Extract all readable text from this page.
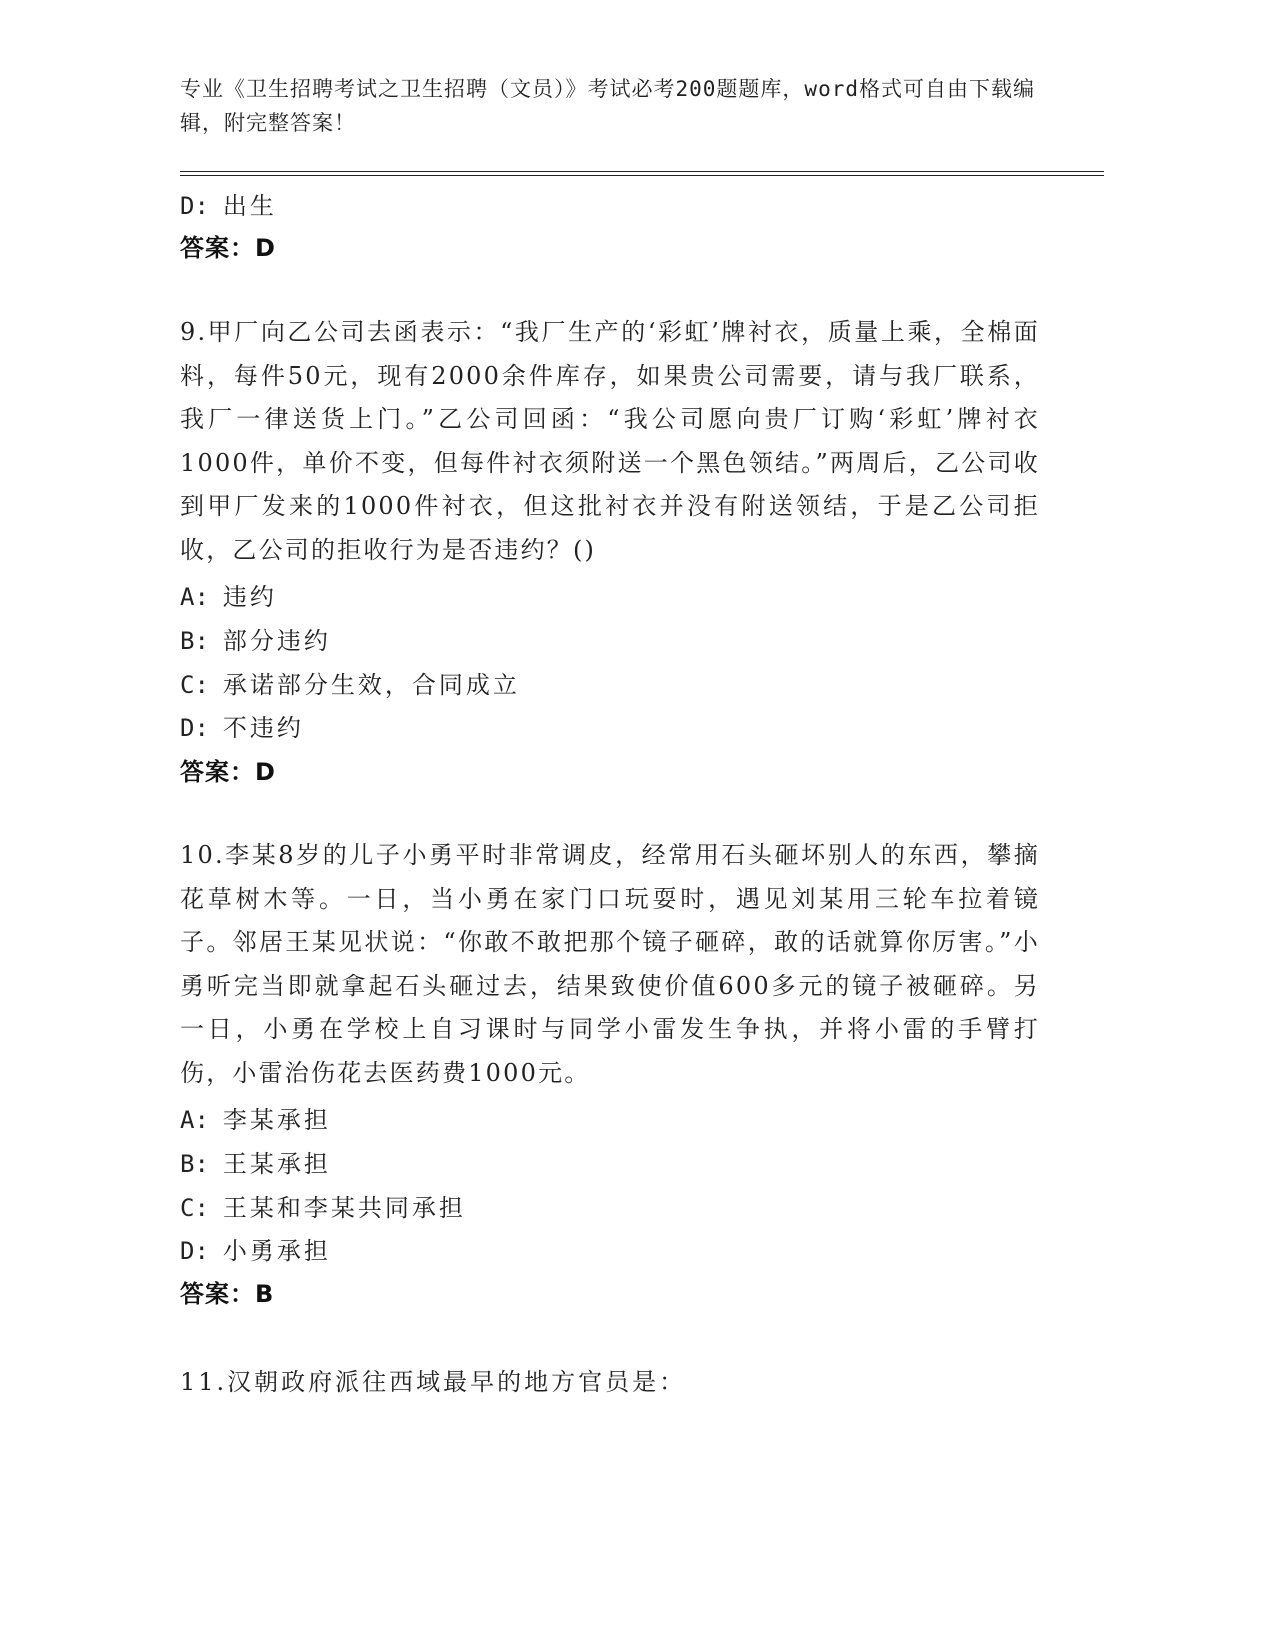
专业《卫生招聘考试之卫生招聘（文员）》考试必考200题题库，word格式可自由下载编辑，附完整答案！
D: 出生
答案：D
9.甲厂向乙公司去函表示：“我厂生产的‘彩虹’牌衬衣，质量上乘，全棉面料，每件50元，现有2000余件库存，如果贵公司需要，请与我厂联系，我厂一律送货上门。”乙公司回函：“我公司愿向贵厂订购‘彩虹’牌衬衣1000件，单价不变，但每件衬衣须附送一个黑色领结。”两周后，乙公司收到甲厂发来的1000件衬衣，但这批衬衣并没有附送领结，于是乙公司拒收，乙公司的拒收行为是否违约？()
A: 违约
B: 部分违约
C: 承诺部分生效，合同成立
D: 不违约
答案：D
10.李某8岁的儿子小勇平时非常调皮，经常用石头砸坏别人的东西，攀摘花草树木等。一日，当小勇在家门口玩耍时，遇见刘某用三轮车拉着镜子。邻居王某见状说：“你敢不敢把那个镜子砸碎，敢的话就算你厉害。”小勇听完当即就拿起石头砸过去，结果致使价值600多元的镜子被砸碎。另一日，小勇在学校上自习课时与同学小雷发生争执，并将小雷的手臂打伤，小雷治伤花去医药费1000元。
A: 李某承担
B: 王某承担
C: 王某和李某共同承担
D: 小勇承担
答案：B
11.汉朝政府派往西域最早的地方官员是：
